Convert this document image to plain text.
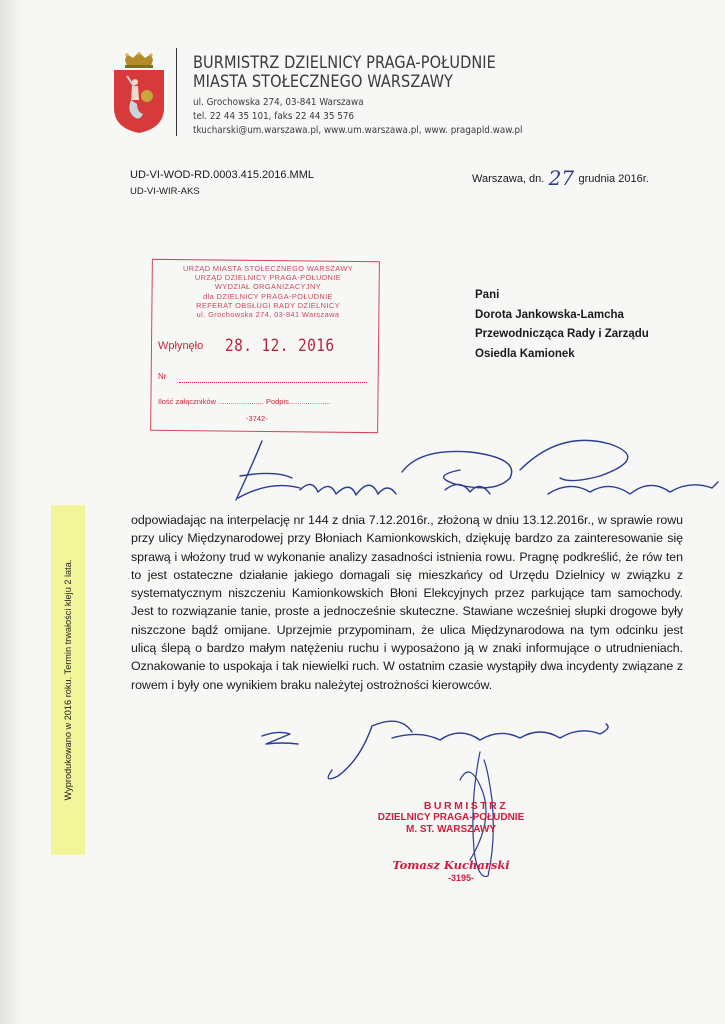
BURMISTRZ DZIELNICY PRAGA-POŁUDNIE
MIASTA STOŁECZNEGO WARSZAWY
ul. Grochowska 274, 03-841 Warszawa
tel. 22 44 35 101, faks 22 44 35 576
tkucharski@um.warszawa.pl, www.um.warszawa.pl, www. pragapld.waw.pl
UD-VI-WOD-RD.0003.415.2016.MML
UD-VI-WIR-AKS
Warszawa, dn. 27 grudnia 2016r.
URZĄD MIASTA STOŁECZNEGO WARSZAWY
URZĄD DZIELNICY PRAGA-POŁUDNIE
WYDZIAŁ ORGANIZACYJNY
dla DZIELNICY PRAGA-POŁUDNIE
REFERAT OBSŁUGI RADY DZIELNICY
ul. Grochowska 274, 03-841 Warszawa
Wpłynęło 28. 12. 2016
Nr
Ilość załączników ...................... Podpis....................
-3742-
Pani
Dorota Jankowska-Lamcha
Przewodnicząca Rady i Zarządu
Osiedla Kamionek
odpowiadając na interpelację nr 144 z dnia 7.12.2016r., złożoną w dniu 13.12.2016r., w sprawie rowu przy ulicy Międzynarodowej przy Błoniach Kamionkowskich, dziękuję bardzo za zainteresowanie się sprawą i włożony trud w wykonanie analizy zasadności istnienia rowu. Pragnę podkreślić, że rów ten to jest ostateczne działanie jakiego domagali się mieszkańcy od Urzędu Dzielnicy w związku z systematycznym niszczeniu Kamionkowskich Błoni Elekcyjnych przez parkujące tam samochody. Jest to rozwiązanie tanie, proste a jednocześnie skuteczne. Stawiane wcześniej słupki drogowe były niszczone bądź omijane. Uprzejmie przypominam, że ulica Międzynarodowa na tym odcinku jest ulicą ślepą o bardzo małym natężeniu ruchu i wyposażono ją w znaki informujące o utrudnieniach. Oznakowanie to uspokaja i tak niewielki ruch. W ostatnim czasie wystąpiły dwa incydenty związane z rowem i były one wynikiem braku należytej ostrożności kierowców.
Wyprodukowano w 2016 roku. Termin trwałości kleju 2 lata.
BURMISTRZ
DZIELNICY PRAGA-POŁUDNIE
M. ST. WARSZAWY
Tomasz Kucharski
-3195-
